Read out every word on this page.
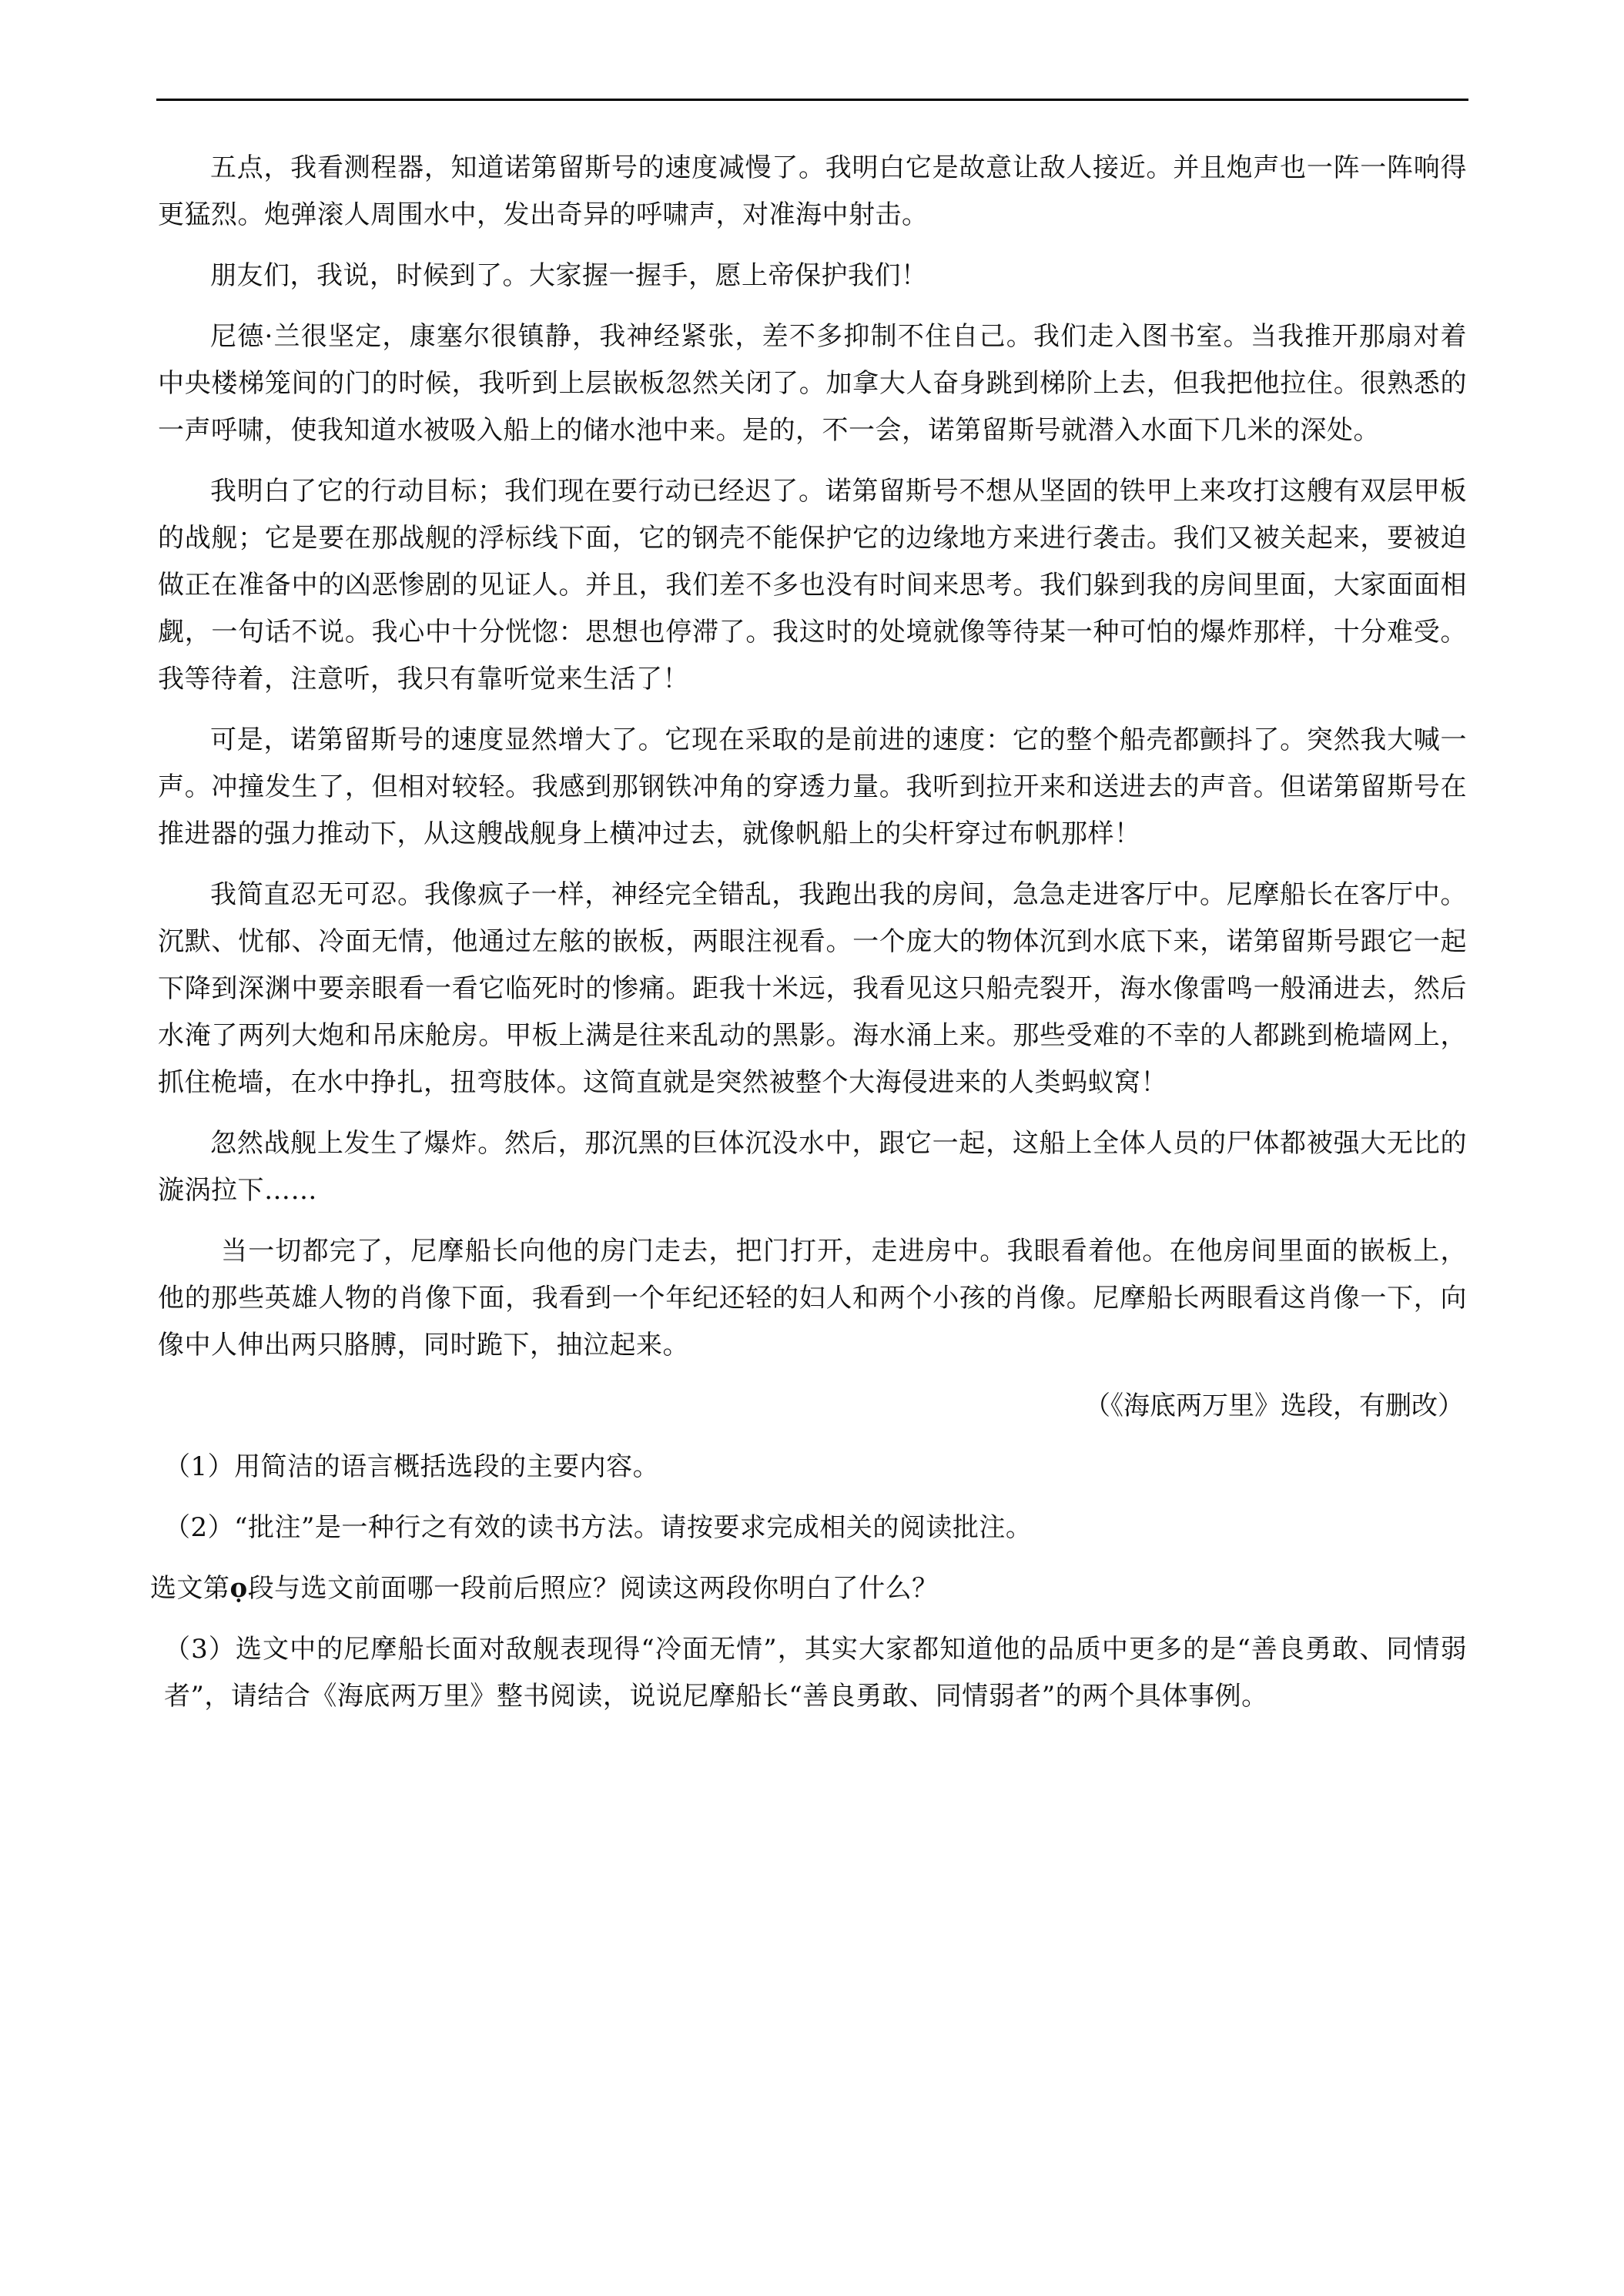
五点，我看测程器，知道诺第留斯号的速度减慢了。我明白它是故意让敌人接近。并且炮声也一阵一阵响得更猛烈。炮弹滚人周围水中，发出奇异的呼啸声，对准海中射击。

朋友们，我说，时候到了。大家握一握手，愿上帝保护我们！

尼德·兰很坚定，康塞尔很镇静，我神经紧张，差不多抑制不住自己。我们走入图书室。当我推开那扇对着中央楼梯笼间的门的时候，我听到上层嵌板忽然关闭了。加拿大人奋身跳到梯阶上去，但我把他拉住。很熟悉的一声呼啸，使我知道水被吸入船上的储水池中来。是的，不一会，诺第留斯号就潜入水面下几米的深处。

我明白了它的行动目标；我们现在要行动已经迟了。诺第留斯号不想从坚固的铁甲上来攻打这艘有双层甲板的战舰；它是要在那战舰的浮标线下面，它的钢壳不能保护它的边缘地方来进行袭击。我们又被关起来，要被迫做正在准备中的凶恶惨剧的见证人。并且，我们差不多也没有时间来思考。我们躲到我的房间里面，大家面面相觑，一句话不说。我心中十分恍惚：思想也停滞了。我这时的处境就像等待某一种可怕的爆炸那样，十分难受。我等待着，注意听，我只有靠听觉来生活了！

可是，诺第留斯号的速度显然增大了。它现在采取的是前进的速度：它的整个船壳都颤抖了。突然我大喊一声。冲撞发生了，但相对较轻。我感到那钢铁冲角的穿透力量。我听到拉开来和送进去的声音。但诺第留斯号在推进器的强力推动下，从这艘战舰身上横冲过去，就像帆船上的尖杆穿过布帆那样！

我简直忍无可忍。我像疯子一样，神经完全错乱，我跑出我的房间，急急走进客厅中。尼摩船长在客厅中。沉默、忧郁、冷面无情，他通过左舷的嵌板，两眼注视看。一个庞大的物体沉到水底下来，诺第留斯号跟它一起下降到深渊中要亲眼看一看它临死时的惨痛。距我十米远，我看见这只船壳裂开，海水像雷鸣一般涌进去，然后水淹了两列大炮和吊床舱房。甲板上满是往来乱动的黑影。海水涌上来。那些受难的不幸的人都跳到桅墙网上，抓住桅墙，在水中挣扎，扭弯肢体。这简直就是突然被整个大海侵进来的人类蚂蚁窝！

忽然战舰上发生了爆炸。然后，那沉黑的巨体沉没水中，跟它一起，这船上全体人员的尸体都被强大无比的漩涡拉下……

当一切都完了，尼摩船长向他的房门走去，把门打开，走进房中。我眼看着他。在他房间里面的嵌板上，他的那些英雄人物的肖像下面，我看到一个年纪还轻的妇人和两个小孩的肖像。尼摩船长两眼看这肖像一下，向像中人伸出两只胳膊，同时跪下，抽泣起来。

（《海底两万里》选段，有删改）

（1）用简洁的语言概括选段的主要内容。

（2）“批注”是一种行之有效的读书方法。请按要求完成相关的阅读批注。

选文第ọ段与选文前面哪一段前后照应？阅读这两段你明白了什么？

（3）选文中的尼摩船长面对敌舰表现得“冷面无情”，其实大家都知道他的品质中更多的是“善良勇敢、同情弱者”，请结合《海底两万里》整书阅读，说说尼摩船长“善良勇敢、同情弱者”的两个具体事例。
